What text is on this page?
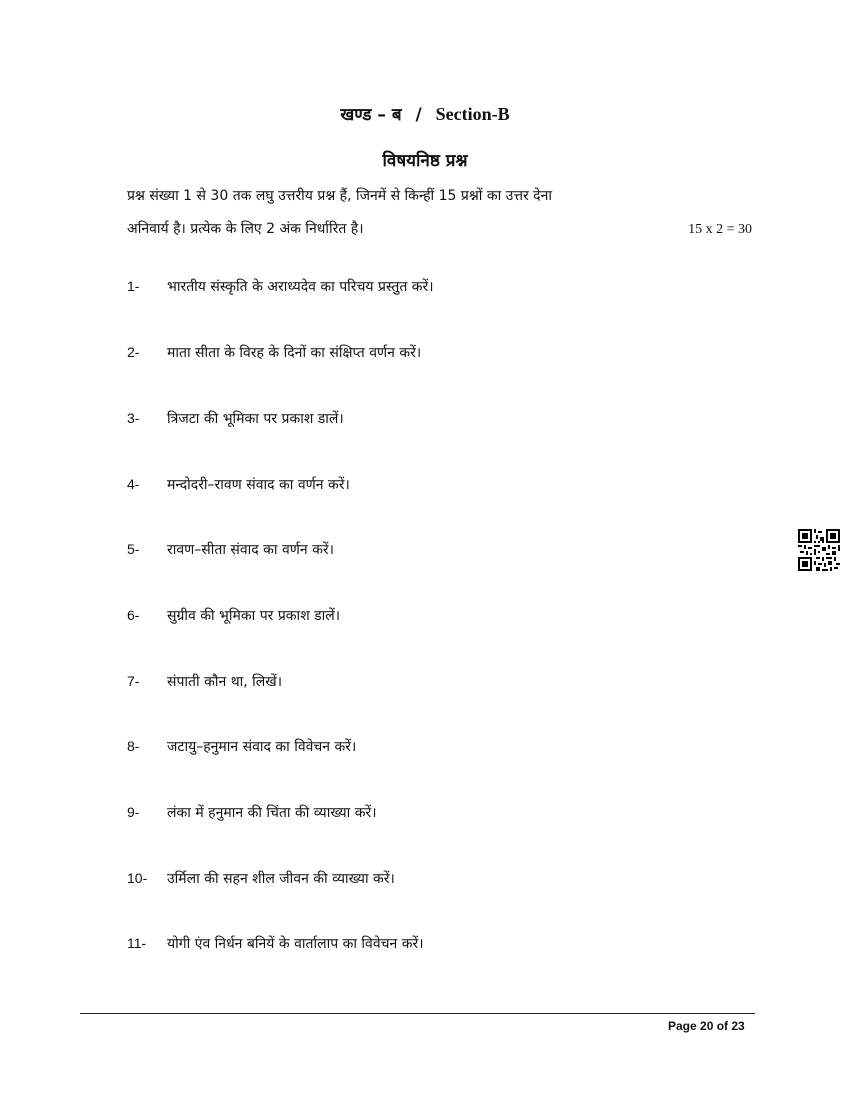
खण्ड – ब / Section-B
विषयनिष्ठ प्रश्न
प्रश्न संख्या 1 से 30 तक लघु उत्तरीय प्रश्न हैं, जिनमें से किन्हीं 15 प्रश्नों का उत्तर देना
अनिवार्य है। प्रत्येक के लिए 2 अंक निर्धारित है।	15 x 2 = 30
1- भारतीय संस्कृति के अराध्यदेव का परिचय प्रस्तुत करें।
2- माता सीता के विरह के दिनों का संक्षिप्त वर्णन करें।
3- त्रिजटा की भूमिका पर प्रकाश डालें।
4- मन्दोदरी–रावण संवाद का वर्णन करें।
5- रावण–सीता संवाद का वर्णन करें।
6- सुग्रीव की भूमिका पर प्रकाश डालें।
7- संपाती कौन था, लिखें।
8- जटायु–हनुमान संवाद का विवेचन करें।
9- लंका में हनुमान की चिंता की व्याख्या करें।
10- उर्मिला की सहन शील जीवन की व्याख्या करें।
11- योगी एंव निर्धन बनियें के वार्तालाप का विवेचन करें।
Page 20 of 23
